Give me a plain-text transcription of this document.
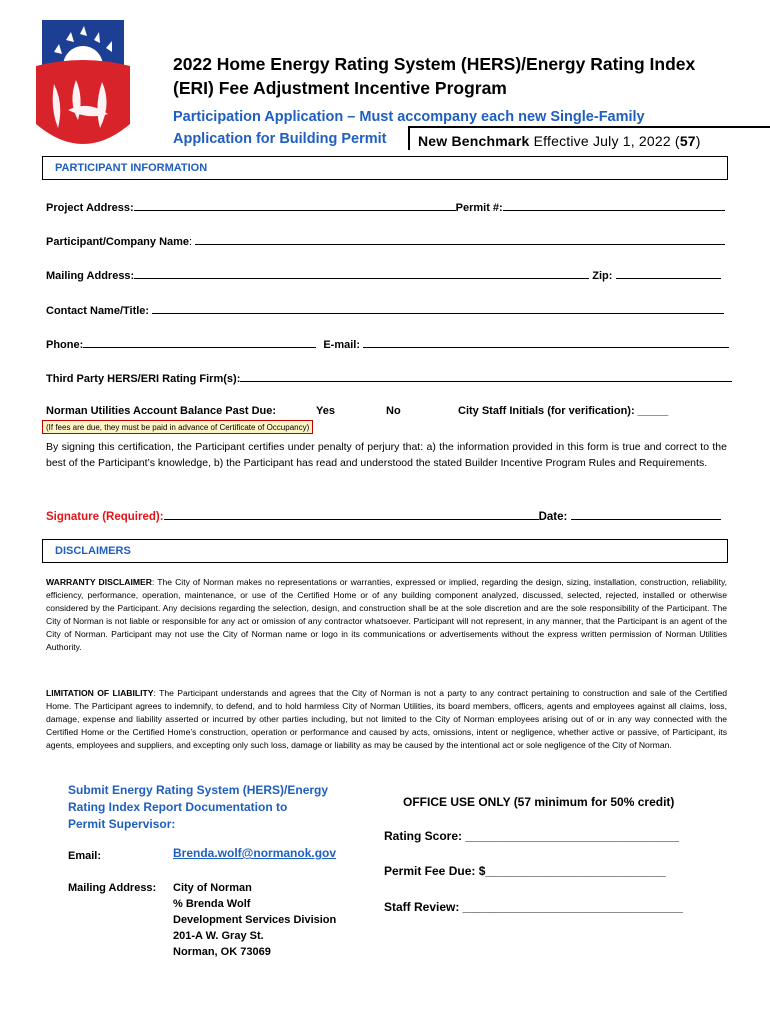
2022 Home Energy Rating System (HERS)/Energy Rating Index
(ERI) Fee Adjustment Incentive Program
Participation Application – Must accompany each new Single-Family
Application for Building Permit	New Benchmark Effective July 1, 2022 (57)
PARTICIPANT INFORMATION
Project Address:	Permit #:
Participant/Company Name:
Mailing Address:	Zip:
Contact Name/Title:
Phone:	E-mail:
Third Party HERS/ERI Rating Firm(s):
Norman Utilities Account Balance Past Due:	Yes	No	City Staff Initials (for verification): _____
(If fees are due, they must be paid in advance of Certificate of Occupancy)
By signing this certification, the Participant certifies under penalty of perjury that: a) the information provided in this form is true and correct to the best of the Participant’s knowledge, b) the Participant has read and understood the stated Builder Incentive Program Rules and Requirements.
Signature (Required):	Date:
DISCLAIMERS
WARRANTY DISCLAIMER: The City of Norman makes no representations or warranties, expressed or implied, regarding the design, sizing, installation, construction, reliability, efficiency, performance, operation, maintenance, or use of the Certified Home or of any building component analyzed, discussed, selected, rejected, installed or otherwise considered by the Participant. Any decisions regarding the selection, design, and construction shall be at the sole discretion and are the sole responsibility of the Participant. The City of Norman is not liable or responsible for any act or omission of any contractor whatsoever. Participant will not represent, in any manner, that the Participant is an agent of the City of Norman. Participant may not use the City of Norman name or logo in its communications or advertisements without the express written permission of Norman Utilities Authority.
LIMITATION OF LIABILITY: The Participant understands and agrees that the City of Norman is not a party to any contract pertaining to construction and sale of the Certified Home. The Participant agrees to indemnify, to defend, and to hold harmless City of Norman Utilities, its board members, officers, agents and employees against all claims, loss, damage, expense and liability asserted or incurred by other parties including, but not limited to the City of Norman employees arising out of or in any way connected with the Certified Home or the Certified Home’s construction, operation or performance and caused by acts, omissions, intent or negligence, whether active or passive, of Participant, its agents, employees and suppliers, and excepting only such loss, damage or liability as may be caused by the intentional act or sole negligence of the City of Norman.
Submit Energy Rating System (HERS)/Energy
Rating Index Report Documentation to
Permit Supervisor:
Email:	Brenda.wolf@normanok.gov
Mailing Address: City of Norman
% Brenda Wolf
Development Services Division
201-A W. Gray St.
Norman, OK 73069
OFFICE USE ONLY (57 minimum for 50% credit)
Rating Score: ________________________________
Permit Fee Due: $___________________________
Staff Review: _________________________________
